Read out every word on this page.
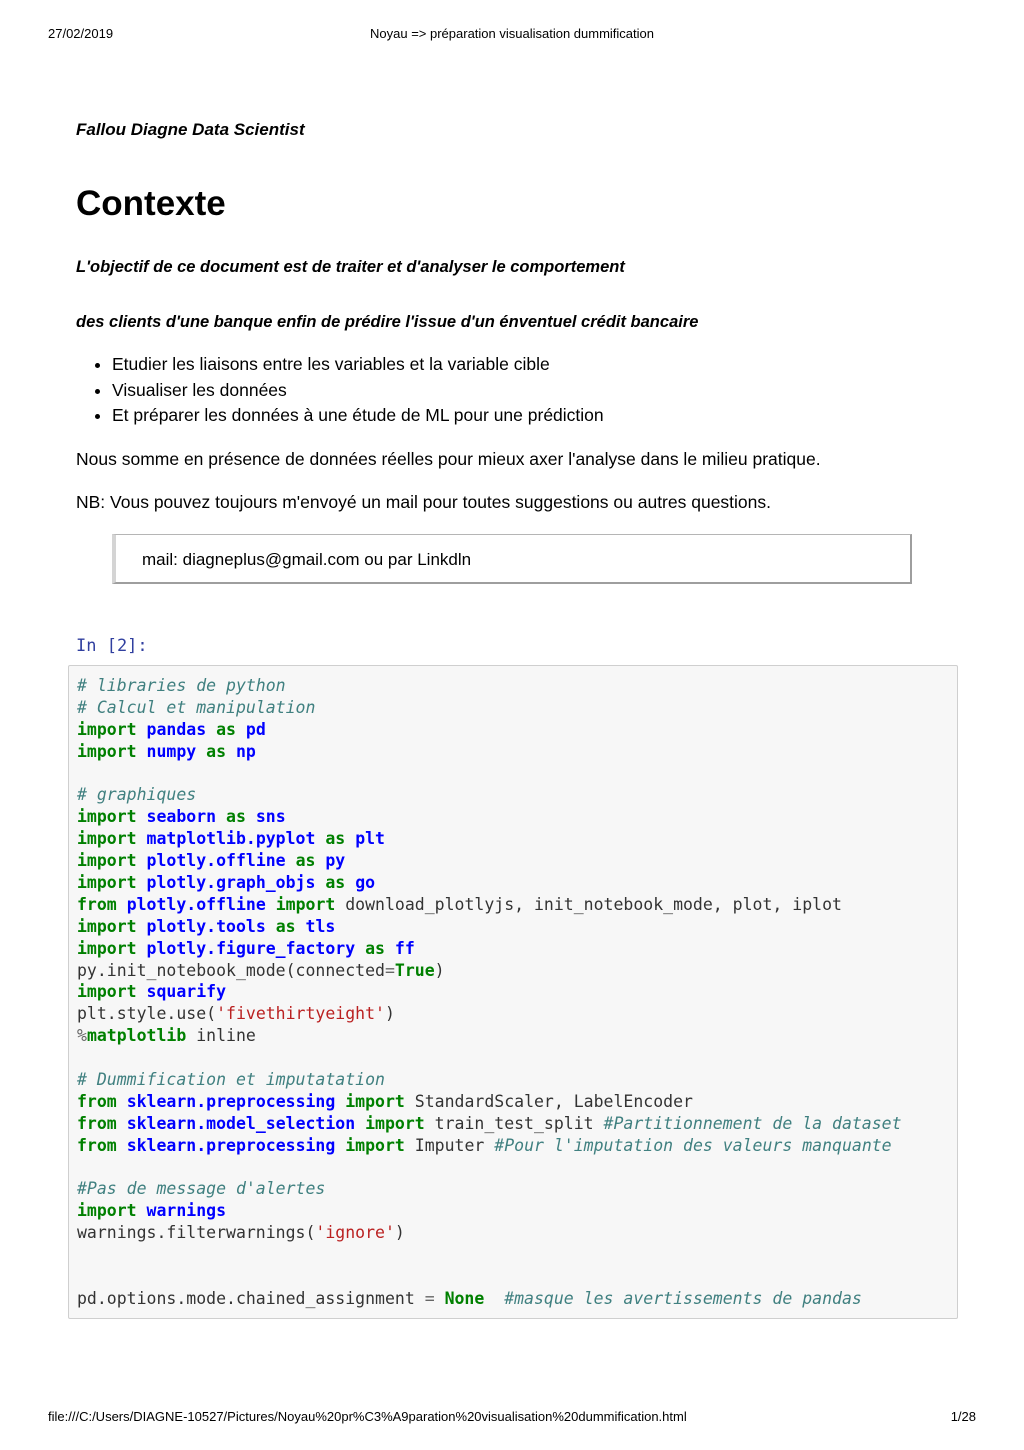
27/02/2019	Noyau => préparation visualisation dummification
Fallou Diagne Data Scientist
Contexte
L'objectif de ce document est de traiter et d'analyser le comportement
des clients d'une banque enfin de prédire l'issue d'un énventuel crédit bancaire
• Etudier les liaisons entre les variables et la variable cible
• Visualiser les données
• Et préparer les données à une étude de ML pour une prédiction
Nous somme en présence de données réelles pour mieux axer l'analyse dans le milieu pratique.
NB: Vous pouvez toujours m'envoyé un mail pour toutes suggestions ou autres questions.
mail: diagneplus@gmail.com ou par Linkdln
In [2]:
# libraries de python
# Calcul et manipulation
import pandas as pd
import numpy as np
# graphiques
import seaborn as sns
import matplotlib.pyplot as plt
import plotly.offline as py
import plotly.graph_objs as go
from plotly.offline import download_plotlyjs, init_notebook_mode, plot, iplot
import plotly.tools as tls
import plotly.figure_factory as ff
py.init_notebook_mode(connected=True)
import squarify
plt.style.use('fivethirtyeight')
%matplotlib inline
# Dummification et imputatation
from sklearn.preprocessing import StandardScaler, LabelEncoder
from sklearn.model_selection import train_test_split #Partitionnement de la dataset
from sklearn.preprocessing import Imputer #Pour l'imputation des valeurs manquante
#Pas de message d'alertes
import warnings
warnings.filterwarnings('ignore')
pd.options.mode.chained_assignment = None #masque les avertissements de pandas
file:///C:/Users/DIAGNE-10527/Pictures/Noyau%20pr%C3%A9paration%20visualisation%20dummification.html	1/28
